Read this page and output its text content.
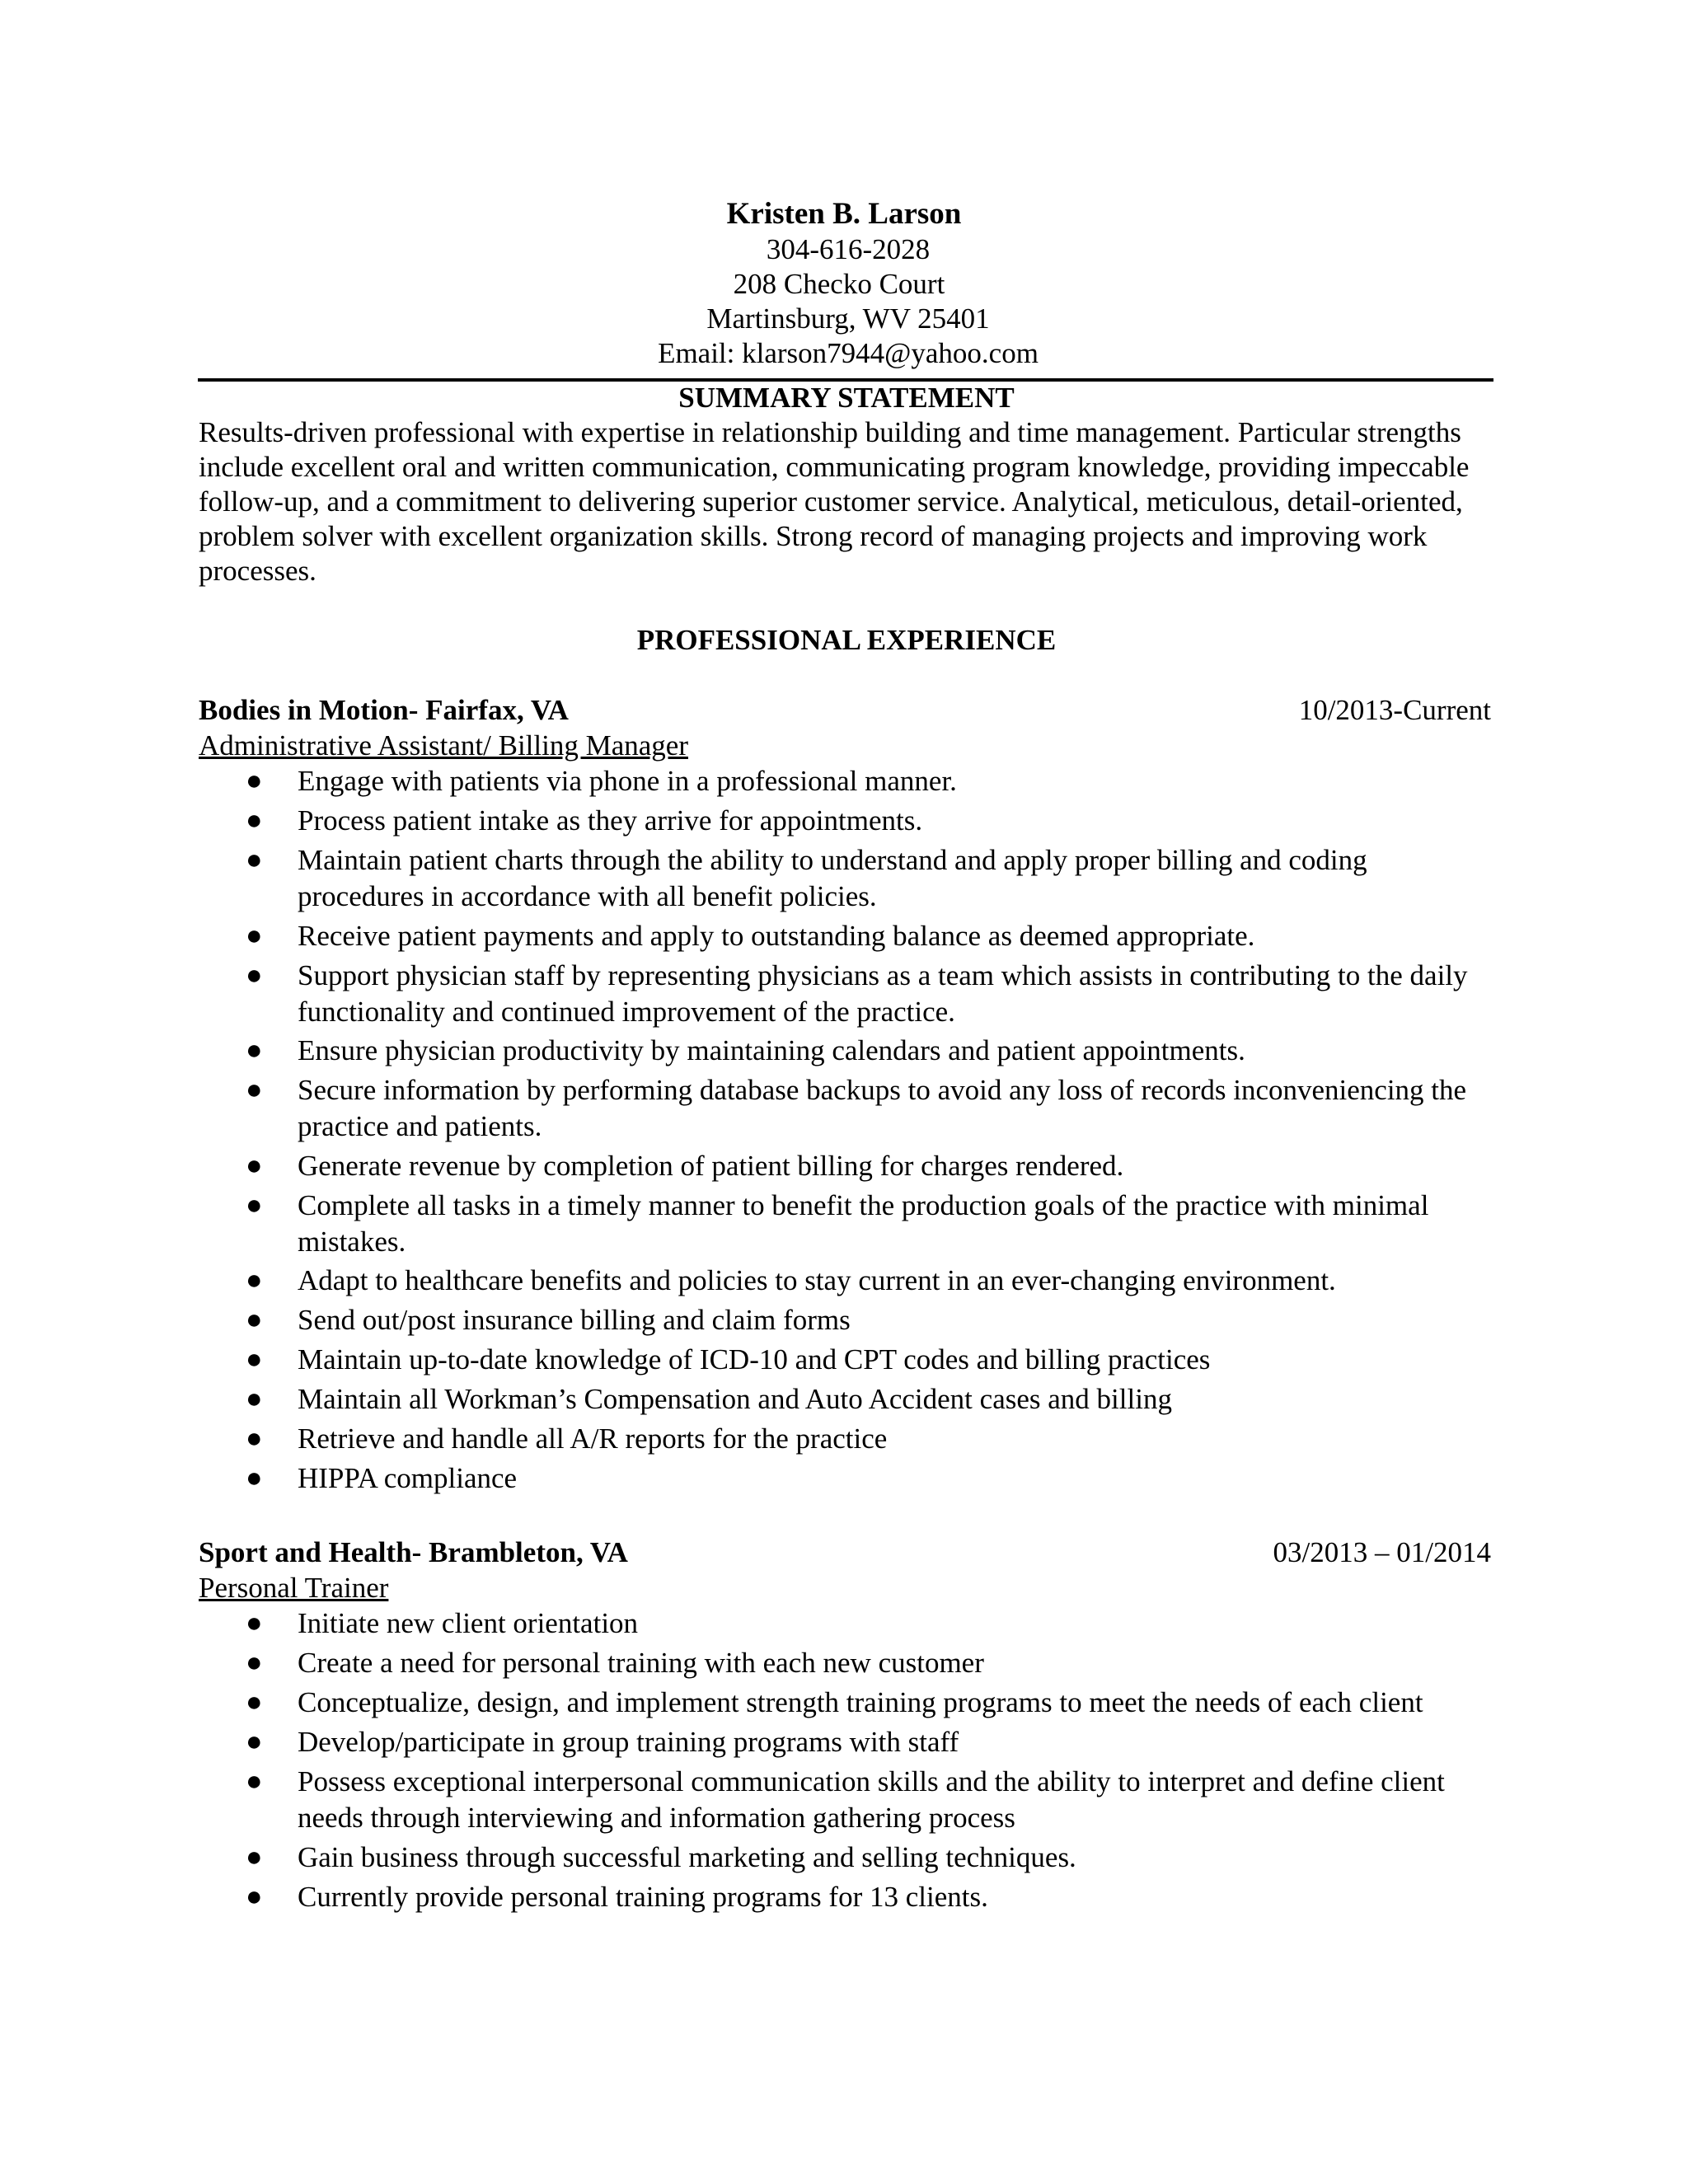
Kristen B. Larson
304-616-2028
208 Checko Court
Martinsburg, WV 25401
Email: klarson7944@yahoo.com
SUMMARY STATEMENT

Results-driven professional with expertise in relationship building and time management. Particular strengths include excellent oral and written communication, communicating program knowledge, providing impeccable follow-up, and a commitment to delivering superior customer service. Analytical, meticulous, detail-oriented, problem solver with excellent organization skills. Strong record of managing projects and improving work processes.

PROFESSIONAL EXPERIENCE
Bodies in Motion- Fairfax, VA	10/2013-Current
Administrative Assistant/ Billing Manager
● Engage with patients via phone in a professional manner.
● Process patient intake as they arrive for appointments.
● Maintain patient charts through the ability to understand and apply proper billing and coding procedures in accordance with all benefit policies.
● Receive patient payments and apply to outstanding balance as deemed appropriate.
● Support physician staff by representing physicians as a team which assists in contributing to the daily functionality and continued improvement of the practice.
● Ensure physician productivity by maintaining calendars and patient appointments.
● Secure information by performing database backups to avoid any loss of records inconveniencing the practice and patients.
● Generate revenue by completion of patient billing for charges rendered.
● Complete all tasks in a timely manner to benefit the production goals of the practice with minimal mistakes.
● Adapt to healthcare benefits and policies to stay current in an ever-changing environment.
● Send out/post insurance billing and claim forms
● Maintain up-to-date knowledge of ICD-10 and CPT codes and billing practices
● Maintain all Workman’s Compensation and Auto Accident cases and billing
● Retrieve and handle all A/R reports for the practice
● HIPPA compliance
Sport and Health- Brambleton, VA	03/2013 – 01/2014
Personal Trainer
● Initiate new client orientation
● Create a need for personal training with each new customer
● Conceptualize, design, and implement strength training programs to meet the needs of each client
● Develop/participate in group training programs with staff
● Possess exceptional interpersonal communication skills and the ability to interpret and define client needs through interviewing and information gathering process
● Gain business through successful marketing and selling techniques.
● Currently provide personal training programs for 13 clients.
